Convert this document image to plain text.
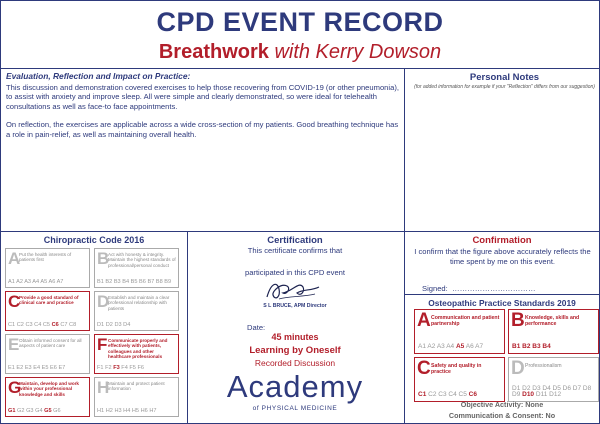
CPD EVENT RECORD
Breathwork with Kerry Dowson
Evaluation, Reflection and Impact on Practice:

This discussion and demonstration covered exercises to help those recovering from COVID-19 (or other pneumonia), to assist with anxiety and improve sleep. All were simple and clearly demonstrated, so were ideal for telehealth consultations as well as face-to face appointments.

On reflection, the exercises are applicable across a wide cross-section of my patients. Good breathing technique has a role in pain-relief, as well as maintaining overall health.

Personal Notes
(for added information for example if your "Reflection" differs from our suggestion)
Chiropractic Code 2016
A
Put the health interests of patients first
A1 A2 A3 A4 A5 A6 A7
B
Act with honesty & integrity. Maintain the highest standards of professional/personal conduct
B1 B2 B3 B4 B5 B6 B7 B8 B9
C
Provide a good standard of clinical care and practice
C1 C2 C3 C4 C5 C6 C7 C8
D
Establish and maintain a clear professional relationship with patients
D1 D2 D3 D4
E Obtain informed consent for all aspects of patient care
E1 E2 E3 E4 E5 E6 E7
F Communicate properly and effectively with patients, colleagues and other healthcare professionals
F1 F2 F3 F4 F5 F6
G
Maintain, develop and work within your professional knowledge and skills
G1 G2 G3 G4 G5 G6
H
Maintain and protect patient information
H1 H2 H3 H4 H5 H6 H7
Certification
This certificate confirms that
participated in this CPD event
S L BRUCE, APM Director
Date:
45 minutes
Learning by Oneself
Recorded Discussion
Academy
of PHYSICAL MEDICINE
Confirmation
I confirm that the figure above accurately reflects the time spent by me on this event.
Signed: ……………………………
Osteopathic Practice Standards 2019
A Communication and patient partnership
A1 A2 A3 A4 A5 A6 A7
B Knowledge, skills and performance
B1 B2 B3 B4
C Safety and quality in practice
C1 C2 C3 C4 C5 C6
D Professionalism
D1 D2 D3 D4 D5 D6 D7 D8 D9 D10 D11 D12
Objective Activity: None
Communication & Consent: No
